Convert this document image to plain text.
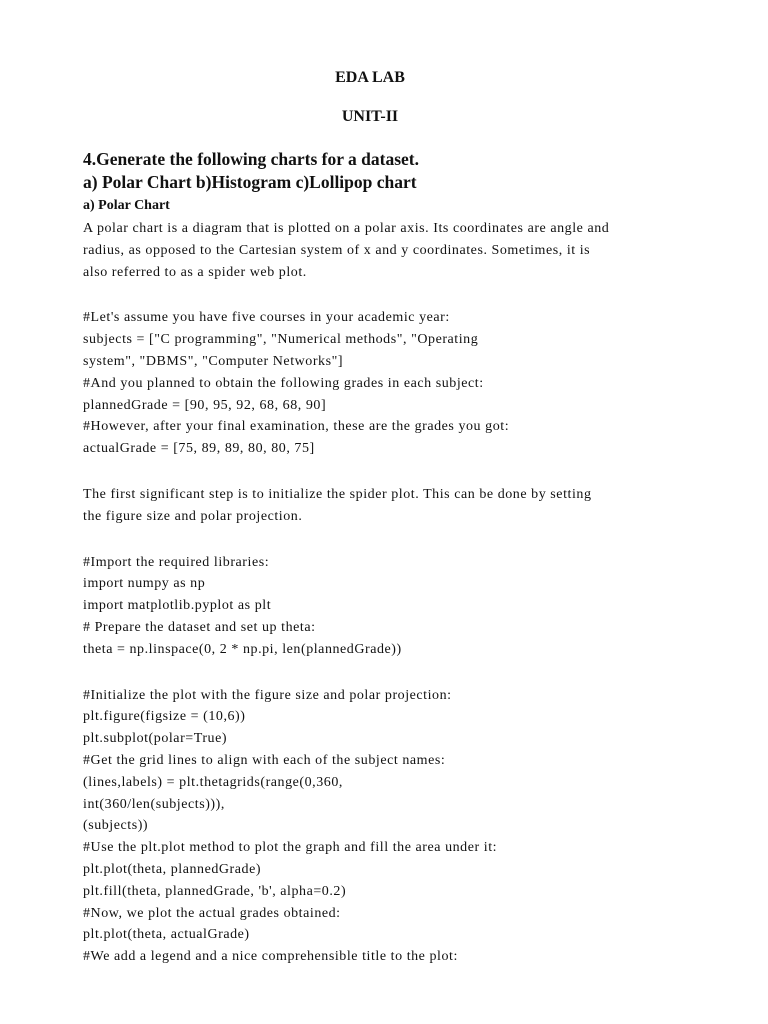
EDA LAB
UNIT-II
4.Generate the following charts for a dataset.
a) Polar Chart b)Histogram c)Lollipop chart
a) Polar Chart
A polar chart is a diagram that is plotted on a polar axis. Its coordinates are angle and
radius, as opposed to the Cartesian system of x and y coordinates. Sometimes, it is
also referred to as a spider web plot.
#Let's assume you have five courses in your academic year:
subjects = ["C programming", "Numerical methods", "Operating
system", "DBMS", "Computer Networks"]
#And you planned to obtain the following grades in each subject:
plannedGrade = [90, 95, 92, 68, 68, 90]
#However, after your final examination, these are the grades you got:
actualGrade = [75, 89, 89, 80, 80, 75]
The first significant step is to initialize the spider plot. This can be done by setting
the figure size and polar projection.
#Import the required libraries:
import numpy as np
import matplotlib.pyplot as plt
# Prepare the dataset and set up theta:
theta = np.linspace(0, 2 * np.pi, len(plannedGrade))
#Initialize the plot with the figure size and polar projection:
plt.figure(figsize = (10,6))
plt.subplot(polar=True)
#Get the grid lines to align with each of the subject names:
(lines,labels) = plt.thetagrids(range(0,360,
int(360/len(subjects))),
(subjects))
#Use the plt.plot method to plot the graph and fill the area under it:
plt.plot(theta, plannedGrade)
plt.fill(theta, plannedGrade, 'b', alpha=0.2)
#Now, we plot the actual grades obtained:
plt.plot(theta, actualGrade)
#We add a legend and a nice comprehensible title to the plot:
